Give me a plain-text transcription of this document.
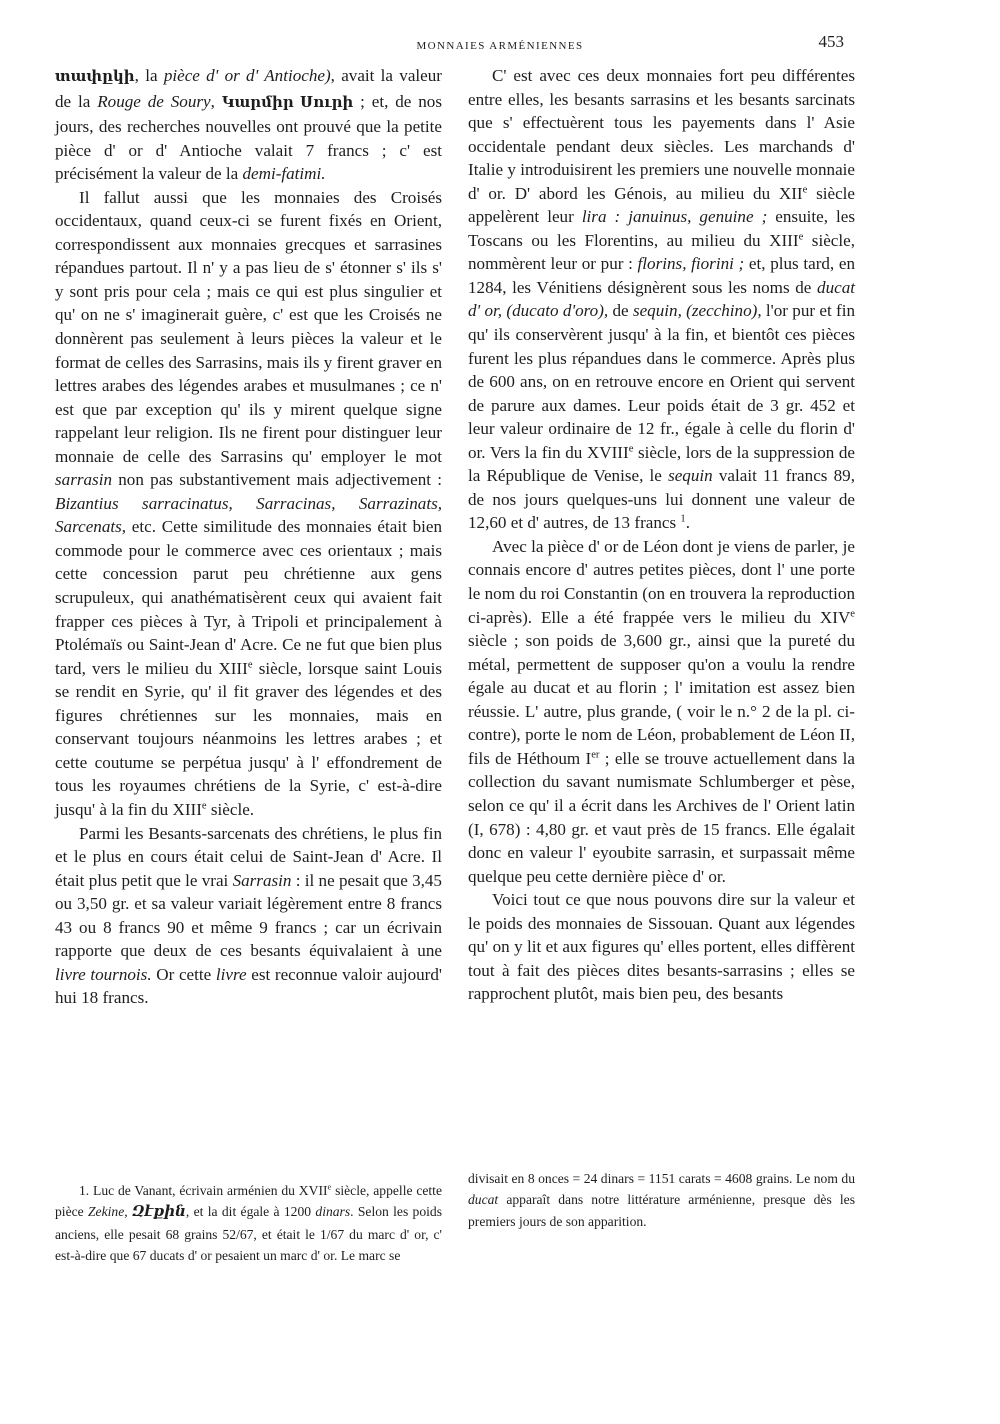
MONNAIES ARMÉNIENNES	453

տափըկի, la pièce d' or d' Antioche), avait la valeur de la Rouge de Soury, Կարմիր Սուրի ; et, de nos jours, des recherches nouvelles ont prouvé que la petite pièce d' or d' Antioche valait 7 francs ; c' est précisément la valeur de la demi-fatimi.

Il fallut aussi que les monnaies des Croisés occidentaux, quand ceux-ci se furent fixés en Orient, correspondissent aux monnaies grecques et sarrasines répandues partout. Il n' y a pas lieu de s' étonner s' ils s' y sont pris pour cela ; mais ce qui est plus singulier et qu' on ne s' imaginerait guère, c' est que les Croisés ne donnèrent pas seulement à leurs pièces la valeur et le format de celles des Sarrasins, mais ils y firent graver en lettres arabes des légendes arabes et musulmanes ; ce n' est que par exception qu' ils y mirent quelque signe rappelant leur religion. Ils ne firent pour distinguer leur monnaie de celle des Sarrasins qu' employer le mot sarrasin non pas substantivement mais adjectivement : Bizantius sarracinatus, Sarracinas, Sarrazinats, Sarcenats, etc. Cette similitude des monnaies était bien commode pour le commerce avec ces orientaux ; mais cette concession parut peu chrétienne aux gens scrupuleux, qui anathématisèrent ceux qui avaient fait frapper ces pièces à Tyr, à Tripoli et principalement à Ptolémaïs ou Saint-Jean d' Acre. Ce ne fut que bien plus tard, vers le milieu du XIIIe siècle, lorsque saint Louis se rendit en Syrie, qu' il fit graver des légendes et des figures chrétiennes sur les monnaies, mais en conservant toujours néanmoins les lettres arabes ; et cette coutume se perpétua jusqu' à l' effondrement de tous les royaumes chrétiens de la Syrie, c' est-à-dire jusqu' à la fin du XIIIe siècle.

Parmi les Besants-sarcenats des chrétiens, le plus fin et le plus en cours était celui de Saint-Jean d' Acre. Il était plus petit que le vrai Sarrasin : il ne pesait que 3,45 ou 3,50 gr. et sa valeur variait légèrement entre 8 francs 43 ou 8 francs 90 et même 9 francs ; car un écrivain rapporte que deux de ces besants équivalaient à une livre tournois. Or cette livre est reconnue valoir aujourd' hui 18 francs.

C' est avec ces deux monnaies fort peu différentes entre elles, les besants sarrasins et les besants sarcinats que s' effectuèrent tous les payements dans l' Asie occidentale pendant deux siècles. Les marchands d' Italie y introduisirent les premiers une nouvelle monnaie d' or. D' abord les Génois, au milieu du XIIe siècle appelèrent leur lira : januinus, genuine ; ensuite, les Toscans ou les Florentins, au milieu du XIIIe siècle, nommèrent leur or pur : florins, fiorini ; et, plus tard, en 1284, les Vénitiens désignèrent sous les noms de ducat d' or, (ducato d'oro), de sequin, (zecchino), l'or pur et fin qu' ils conservèrent jusqu' à la fin, et bientôt ces pièces furent les plus répandues dans le commerce. Après plus de 600 ans, on en retrouve encore en Orient qui servent de parure aux dames. Leur poids était de 3 gr. 452 et leur valeur ordinaire de 12 fr., égale à celle du florin d' or. Vers la fin du XVIIIe siècle, lors de la suppression de la République de Venise, le sequin valait 11 francs 89, de nos jours quelques-uns lui donnent une valeur de 12,60 et d' autres, de 13 francs $^1$.

Avec la pièce d' or de Léon dont je viens de parler, je connais encore d' autres petites pièces, dont l' une porte le nom du roi Constantin (on en trouvera la reproduction ci-après). Elle a été frappée vers le milieu du XIVe siècle ; son poids de 3,600 gr., ainsi que la pureté du métal, permettent de supposer qu'on a voulu la rendre égale au ducat et au florin ; l' imitation est assez bien réussie. L' autre, plus grande, ( voir le n.° 2 de la pl. ci-contre), porte le nom de Léon, probablement de Léon II, fils de Héthoum Ier ; elle se trouve actuellement dans la collection du savant numismate Schlumberger et pèse, selon ce qu' il a écrit dans les Archives de l' Orient latin (I, 678) : 4,80 gr. et vaut près de 15 francs. Elle égalait donc en valeur l' eyoubite sarrasin, et surpassait même quelque peu cette dernière pièce d' or.

Voici tout ce que nous pouvons dire sur la valeur et le poids des monnaies de Sissouan. Quant aux légendes qu' on y lit et aux figures qu' elles portent, elles diffèrent tout à fait des pièces dites besants-sarrasins ; elles se rapprochent plutôt, mais bien peu, des besants

1. Luc de Vanant, écrivain arménien du XVIIe siècle, appelle cette pièce Zekine, Զէքին, et la dit égale à 1200 dinars. Selon les poids anciens, elle pesait 68 grains 52/67, et était le 1/67 du marc d' or, c' est-à-dire que 67 ducats d' or pesaient un marc d' or. Le marc se

divisait en 8 onces = 24 dinars = 1151 carats = 4608 grains. Le nom du ducat apparaît dans notre littérature arménienne, presque dès les premiers jours de son apparition.
